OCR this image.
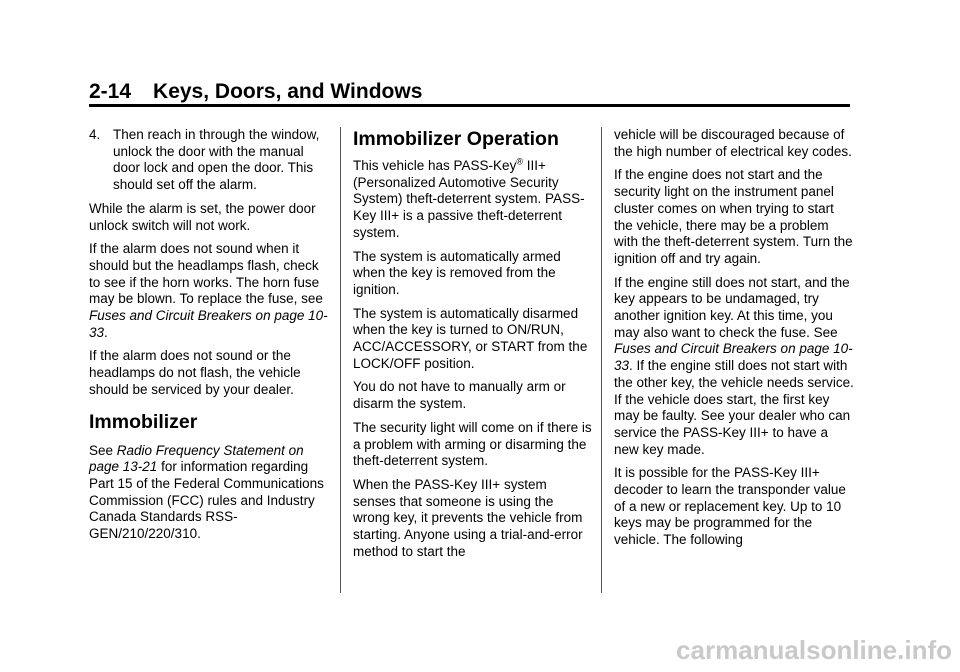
2-14 Keys, Doors, and Windows

4. Then reach in through the window, unlock the door with the manual door lock and open the door. This should set off the alarm.

While the alarm is set, the power door unlock switch will not work.

If the alarm does not sound when it should but the headlamps flash, check to see if the horn works. The horn fuse may be blown. To replace the fuse, see Fuses and Circuit Breakers on page 10-33.

If the alarm does not sound or the headlamps do not flash, the vehicle should be serviced by your dealer.

Immobilizer

See Radio Frequency Statement on page 13-21 for information regarding Part 15 of the Federal Communications Commission (FCC) rules and Industry Canada Standards RSS-GEN/210/220/310.

Immobilizer Operation

This vehicle has PASS-Key® III+ (Personalized Automotive Security System) theft-deterrent system. PASS-Key III+ is a passive theft-deterrent system.

The system is automatically armed when the key is removed from the ignition.

The system is automatically disarmed when the key is turned to ON/RUN, ACC/ACCESSORY, or START from the LOCK/OFF position.

You do not have to manually arm or disarm the system.

The security light will come on if there is a problem with arming or disarming the theft-deterrent system.

When the PASS-Key III+ system senses that someone is using the wrong key, it prevents the vehicle from starting. Anyone using a trial-and-error method to start the

vehicle will be discouraged because of the high number of electrical key codes.

If the engine does not start and the security light on the instrument panel cluster comes on when trying to start the vehicle, there may be a problem with the theft-deterrent system. Turn the ignition off and try again.

If the engine still does not start, and the key appears to be undamaged, try another ignition key. At this time, you may also want to check the fuse. See Fuses and Circuit Breakers on page 10-33. If the engine still does not start with the other key, the vehicle needs service. If the vehicle does start, the first key may be faulty. See your dealer who can service the PASS-Key III+ to have a new key made.

It is possible for the PASS-Key III+ decoder to learn the transponder value of a new or replacement key. Up to 10 keys may be programmed for the vehicle. The following

carmanualsonline.info
